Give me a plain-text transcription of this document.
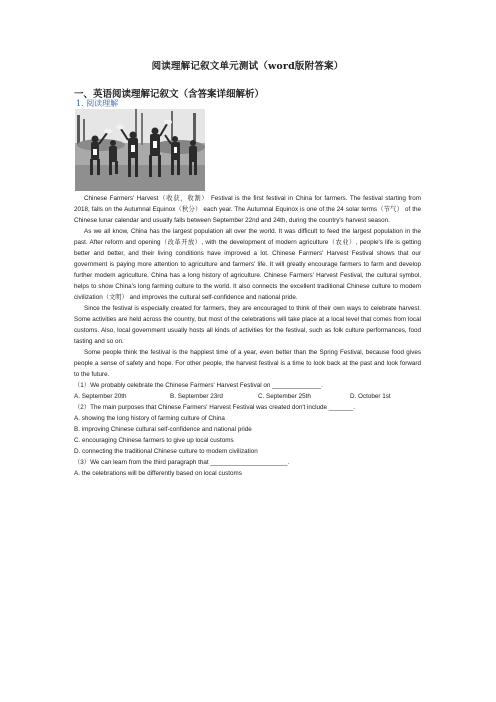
阅读理解记叙文单元测试（word版附答案）
一、英语阅读理解记叙文（含答案详细解析）
1. 阅读理解

Chinese Farmers' Harvest（收获，收割） Festival is the first festival in China for farmers. The festival starting from 2018, falls on the Autumnal Equinox（秋分） each year. The Autumnal Equinox is one of the 24 solar terms（节气） of the Chinese lunar calendar and usually falls between September 22nd and 24th, during the country's harvest season.

As we all know, China has the largest population all over the world. It was difficult to feed the largest population in the past. After reform and opening（改革开放）, with the development of modern agriculture（农业）, people's life is getting better and better, and their living conditions have improved a lot. Chinese Farmers' Harvest Festival shows that our government is paying more attention to agriculture and farmers' life. It will greatly encourage farmers to farm and develop further modem agriculture. China has a long history of agriculture. Chinese Farmers' Harvest Festival, the cultural symbol, helps to show China's long farming culture to the world. It also connects the excellent traditional Chinese culture to modem civilization（文明） and improves the cultural self-confidence and national pride.

Since the festival is especially created for farmers, they are encouraged to think of their own ways to celebrate harvest. Some activities are held across the country, but most of the celebrations will take place at a local level that comes from local customs. Also, local government usually hosts all kinds of activities for the festival, such as folk culture performances, food tasting and so on.

Some people think the festival is the happiest time of a year, even better than the Spring Festival, because food gives people a sense of safety and hope. For other people, the harvest festival is a time to look back at the past and look forward to the future.

（1）We probably celebrate the Chinese Farmers' Harvest Festival on ______________.

A. September 20th	B. September 23rd	C. September 25th	D. October 1st

（2）The main purposes that Chinese Farmers' Harvest Festival was created don't include _______.

A. showing the long history of farming culture of China

B. improving Chinese cultural self-confidence and national pride

C. encouraging Chinese farmers to give up local customs

D. connecting the traditional Chinese culture to modem civilization

（3）We can learn from the third paragraph that ______________________.

A. the celebrations will be differently based on local customs
